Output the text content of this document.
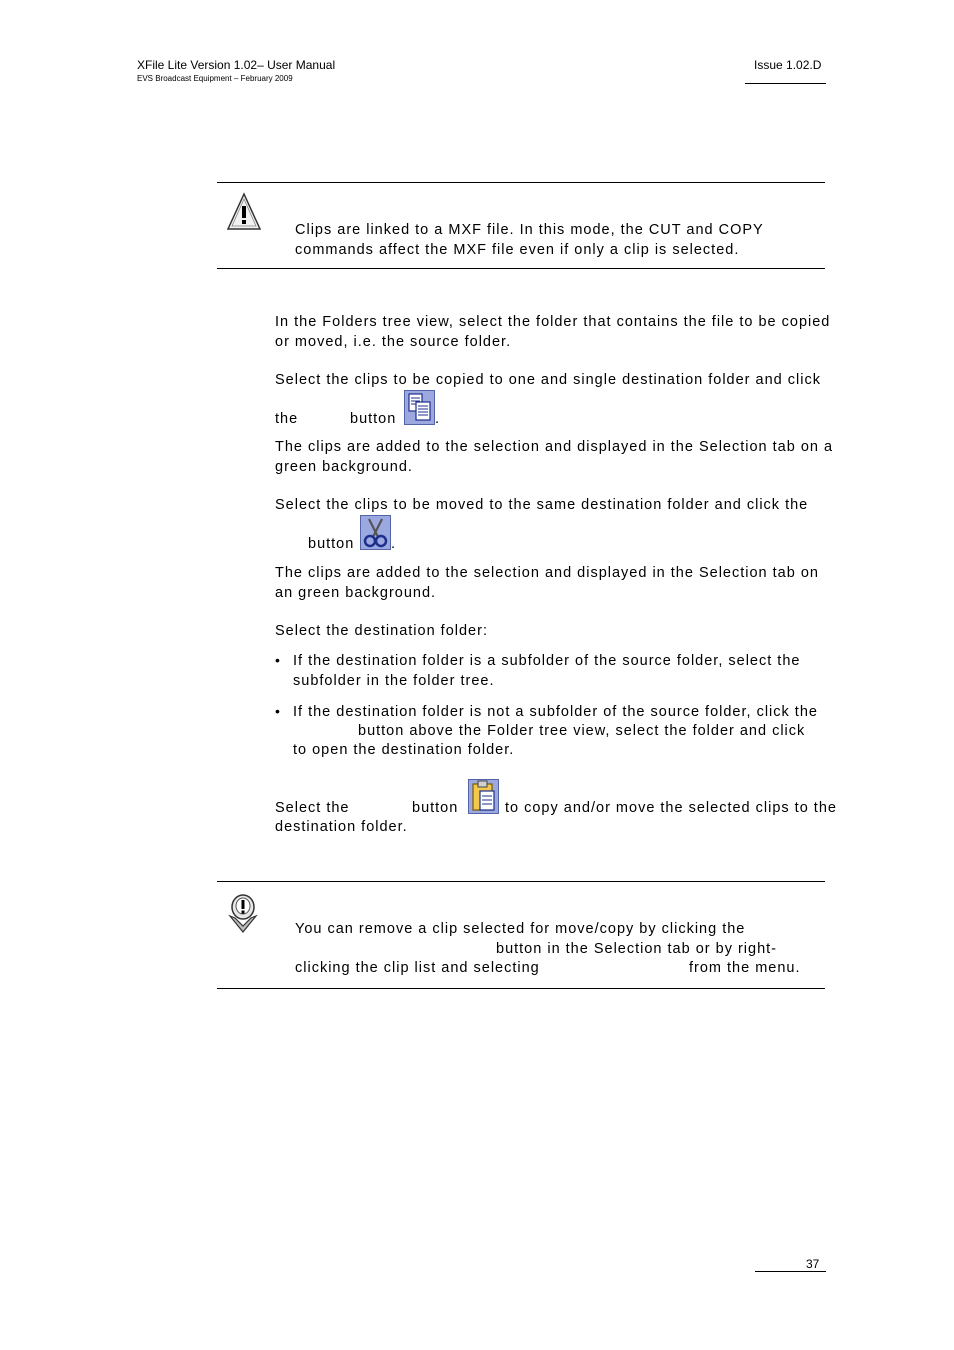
XFile Lite Version 1.02– User Manual
EVS Broadcast Equipment – February 2009
Issue 1.02.D
Clips are linked to a MXF file. In this mode, the CUT and COPY
commands affect the MXF file even if only a clip is selected.
In the Folders tree view, select the folder that contains the file to be copied
or moved, i.e. the source folder.
Select the clips to be copied to one and single destination folder and click
the	button	.
The clips are added to the selection and displayed in the Selection tab on a
green background.
Select the clips to be moved to the same destination folder and click the
button	.
The clips are added to the selection and displayed in the Selection tab on
an green background.
Select the destination folder:
• If the destination folder is a subfolder of the source folder, select the
subfolder in the folder tree.
• If the destination folder is not a subfolder of the source folder, click the
button above the Folder tree view, select the folder and click
to open the destination folder.
Select the	button	to copy and/or move the selected clips to the
destination folder.
You can remove a clip selected for move/copy by clicking the
button in the Selection tab or by right-
clicking the clip list and selecting	from the menu.
37
